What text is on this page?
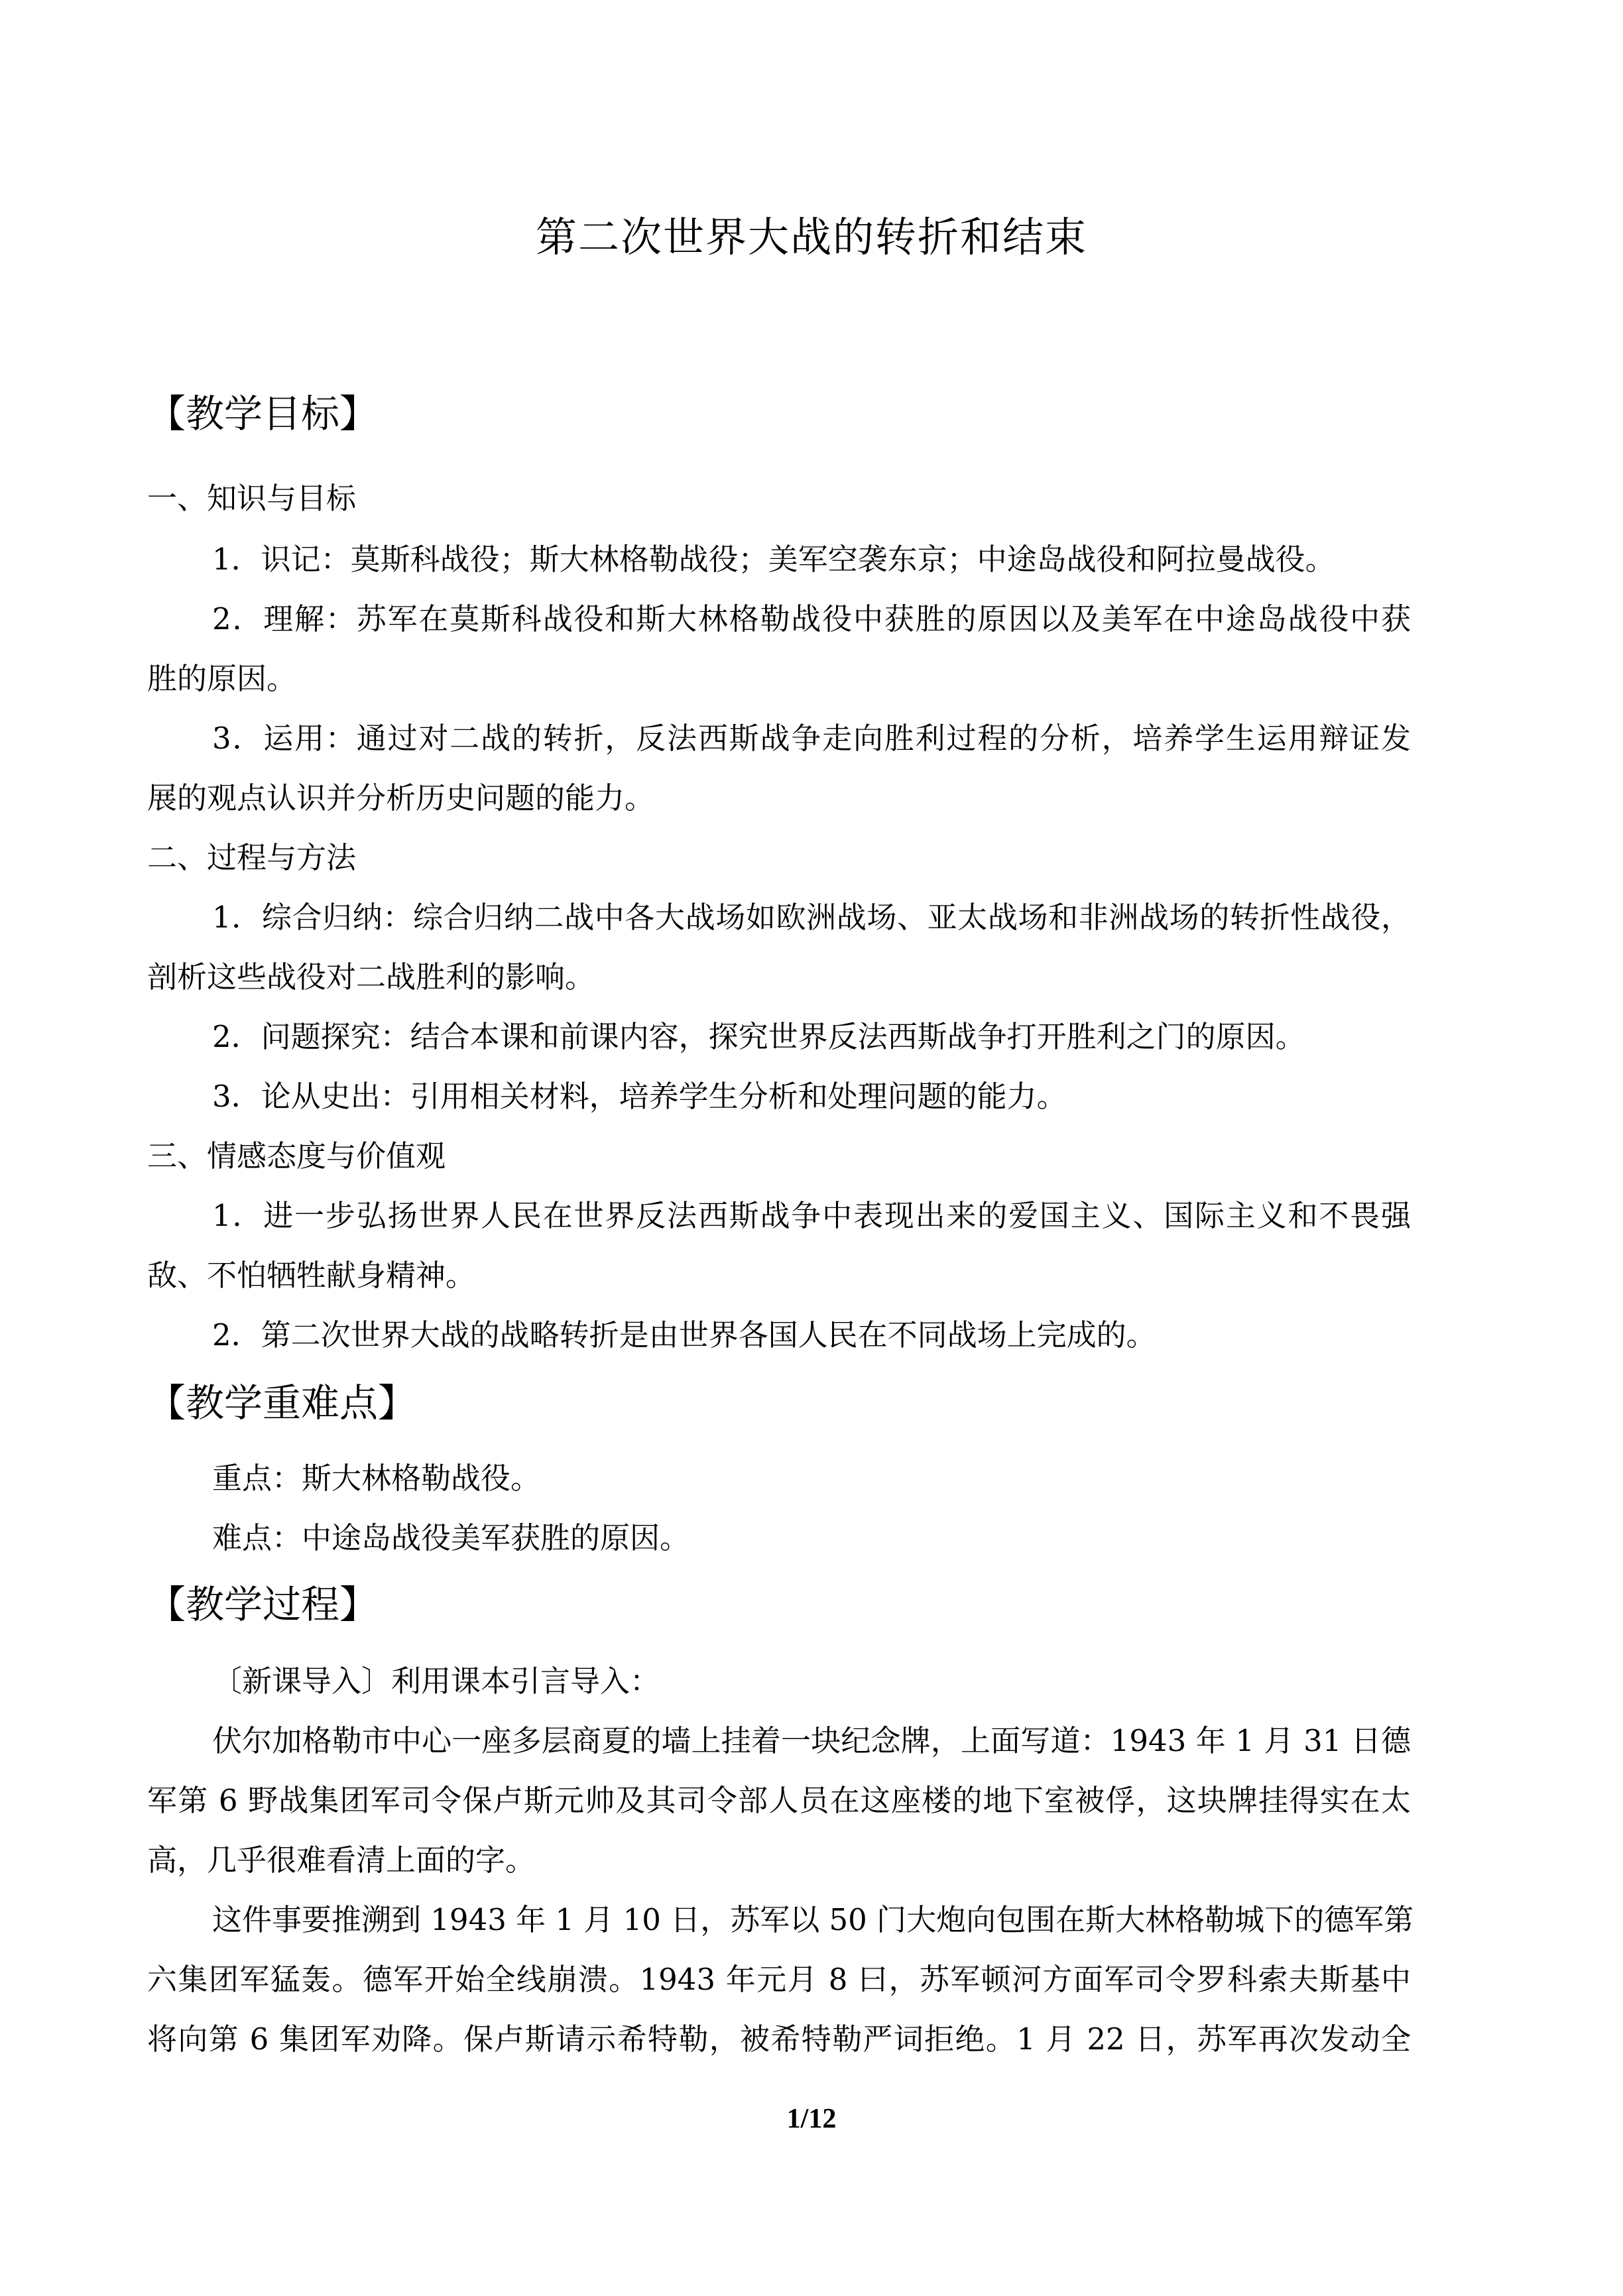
第二次世界大战的转折和结束
【教学目标】
一、知识与目标
1．识记：莫斯科战役；斯大林格勒战役；美军空袭东京；中途岛战役和阿拉曼战役。
2．理解：苏军在莫斯科战役和斯大林格勒战役中获胜的原因以及美军在中途岛战役中获
胜的原因。
3．运用：通过对二战的转折，反法西斯战争走向胜利过程的分析，培养学生运用辩证发
展的观点认识并分析历史问题的能力。
二、过程与方法
1．综合归纳：综合归纳二战中各大战场如欧洲战场、亚太战场和非洲战场的转折性战役，
剖析这些战役对二战胜利的影响。
2．问题探究：结合本课和前课内容，探究世界反法西斯战争打开胜利之门的原因。
3．论从史出：引用相关材料，培养学生分析和处理问题的能力。
三、情感态度与价值观
1．进一步弘扬世界人民在世界反法西斯战争中表现出来的爱国主义、国际主义和不畏强
敌、不怕牺牲献身精神。
2．第二次世界大战的战略转折是由世界各国人民在不同战场上完成的。
【教学重难点】
重点：斯大林格勒战役。
难点：中途岛战役美军获胜的原因。
【教学过程】
〔新课导入〕利用课本引言导入：
伏尔加格勒市中心一座多层商夏的墙上挂着一块纪念牌，上面写道：1943 年 1 月 31 日德
军第 6 野战集团军司令保卢斯元帅及其司令部人员在这座楼的地下室被俘，这块牌挂得实在太
高，几乎很难看清上面的字。
这件事要推溯到 1943 年 1 月 10 日，苏军以 50 门大炮向包围在斯大林格勒城下的德军第
六集团军猛轰。德军开始全线崩溃。1943 年元月 8 曰，苏军顿河方面军司令罗科索夫斯基中
将向第 6 集团军劝降。保卢斯请示希特勒，被希特勒严词拒绝。1 月 22 日，苏军再次发动全
1/12
